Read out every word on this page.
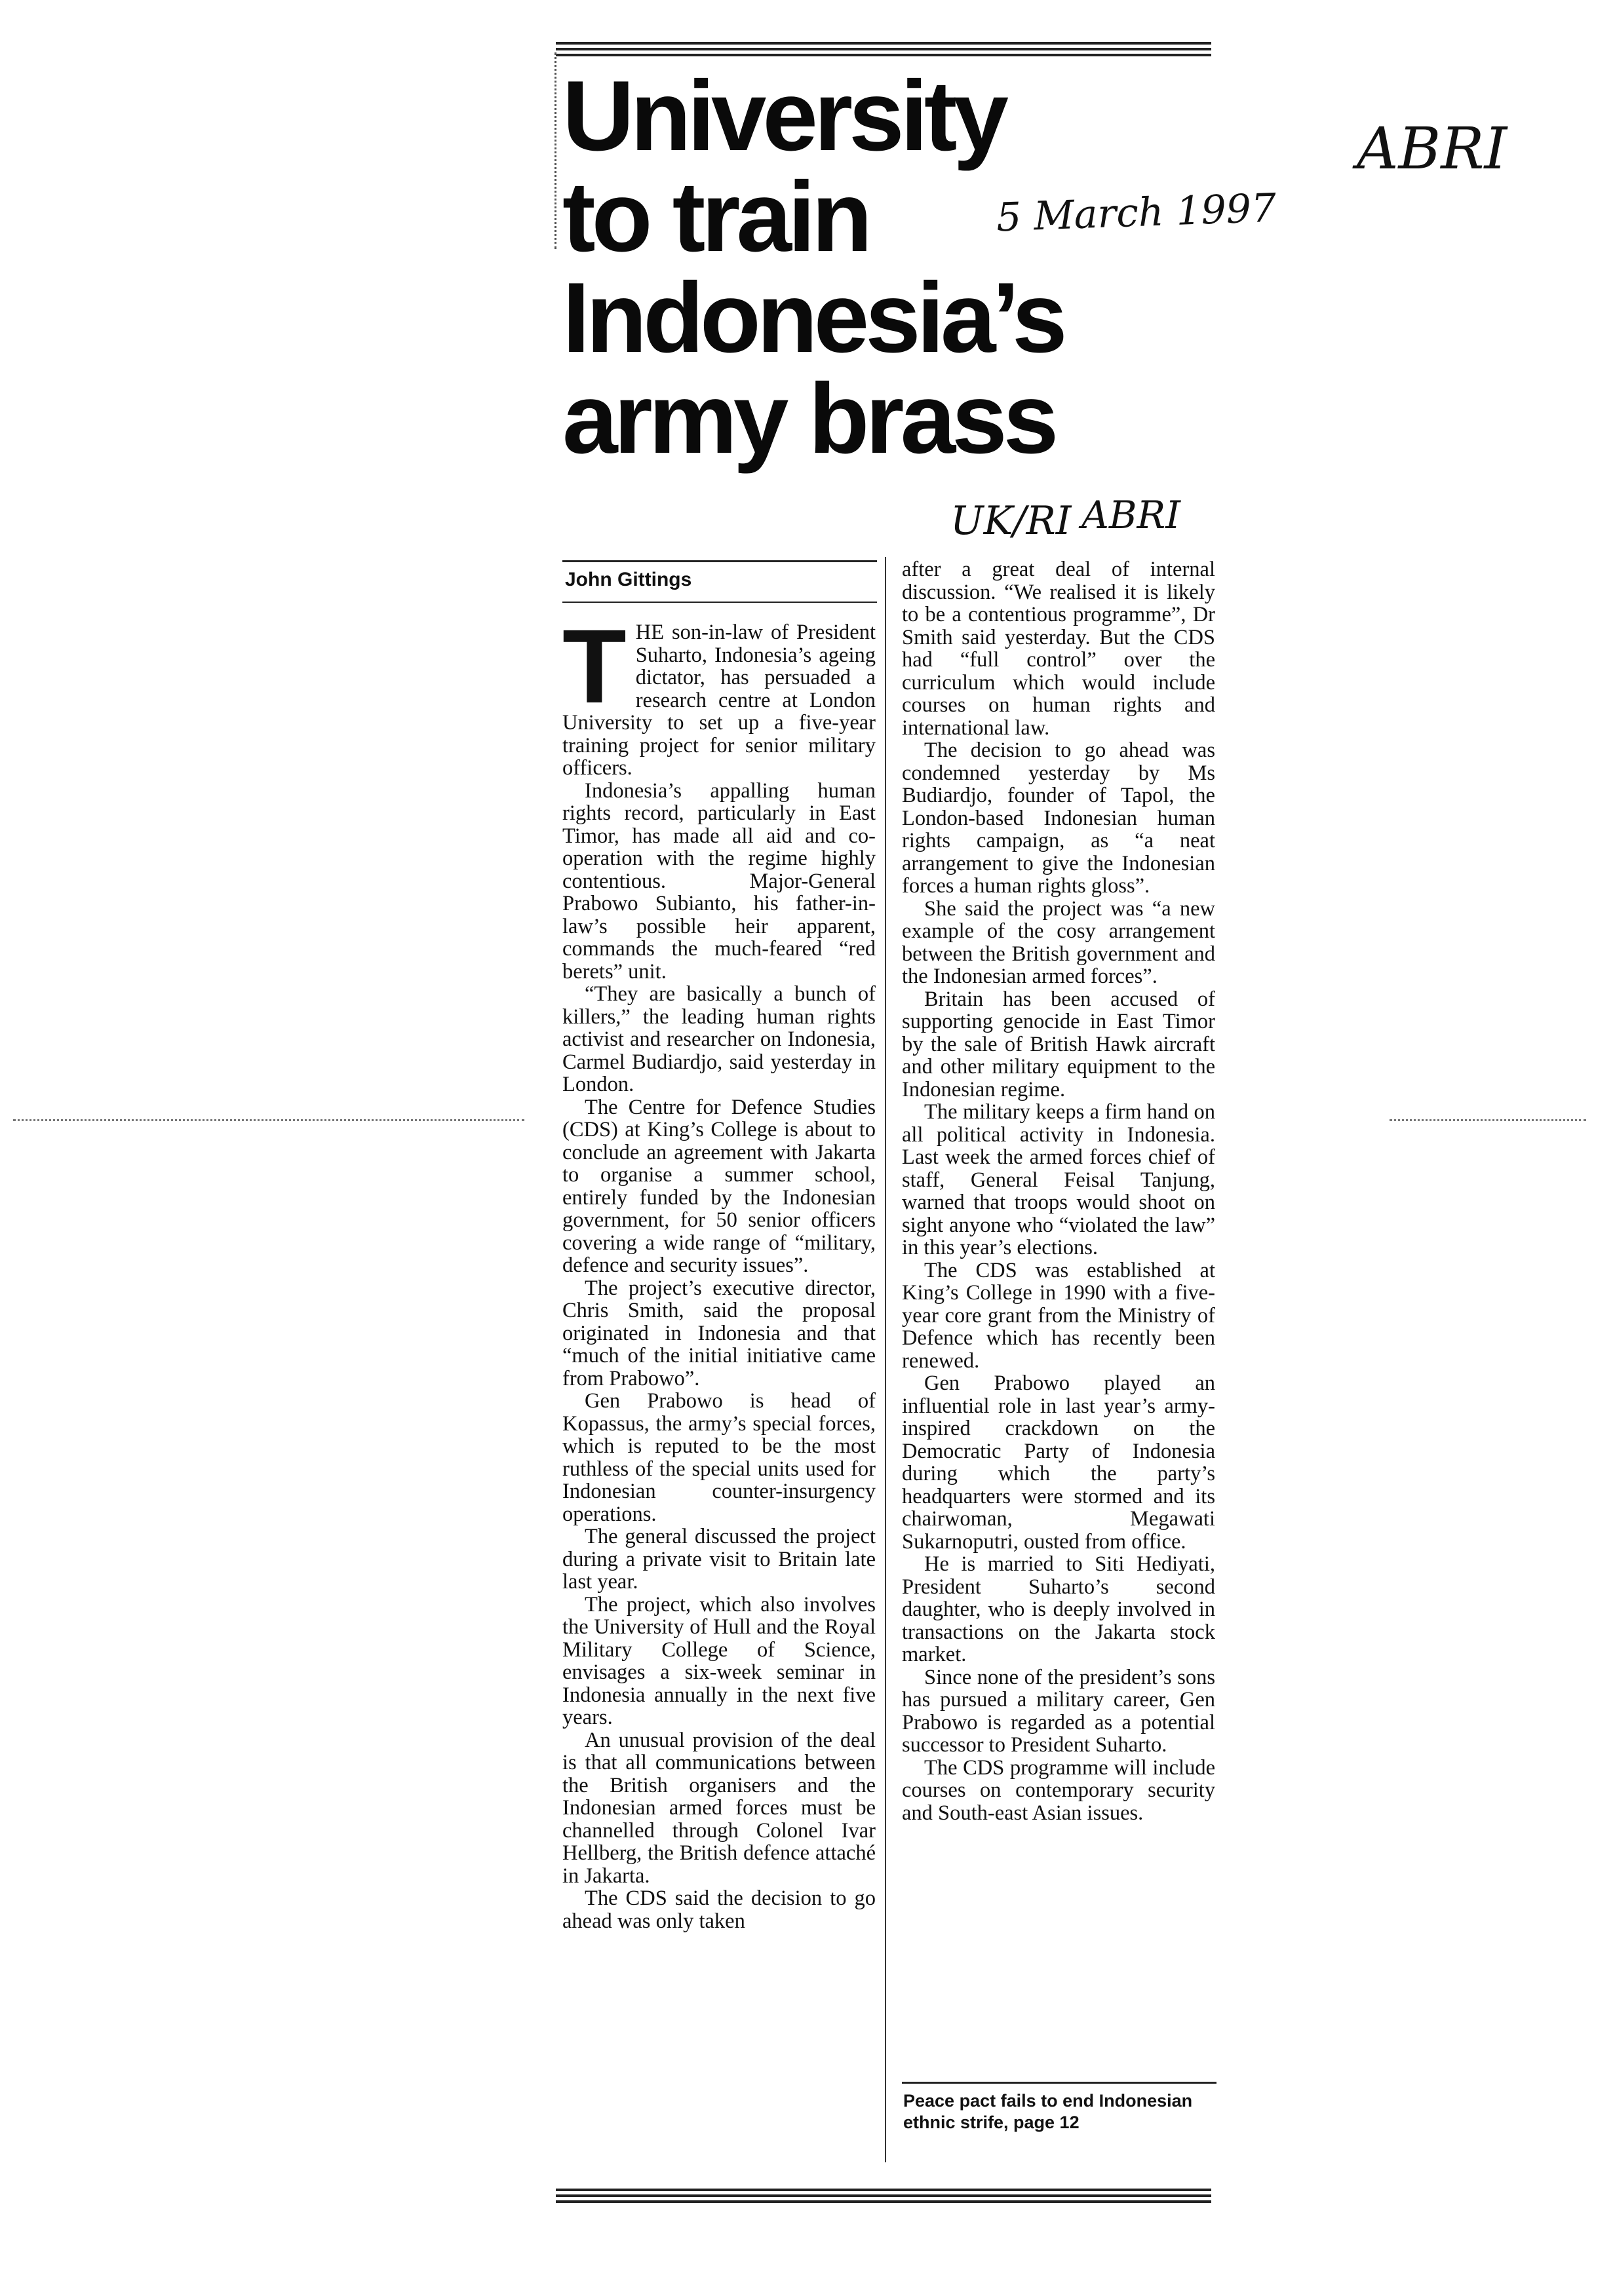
University
to train
Indonesia’s
army brass
5 March 1997
ABRI
UK/RI ABRI
John Gittings

THE son-in-law of President Suharto, Indonesia’s ageing dictator, has persuaded a research centre at London University to set up a five-year training project for senior military officers.

Indonesia’s appalling human rights record, particularly in East Timor, has made all aid and co-operation with the regime highly contentious. Major-General Prabowo Subianto, his father-in-law’s possible heir apparent, commands the much-feared “red berets” unit.

“They are basically a bunch of killers,” the leading human rights activist and researcher on Indonesia, Carmel Budiardjo, said yesterday in London.

The Centre for Defence Studies (CDS) at King’s College is about to conclude an agreement with Jakarta to organise a summer school, entirely funded by the Indonesian government, for 50 senior officers covering a wide range of “military, defence and security issues”.

The project’s executive director, Chris Smith, said the proposal originated in Indonesia and that “much of the initial initiative came from Prabowo”.

Gen Prabowo is head of Kopassus, the army’s special forces, which is reputed to be the most ruthless of the special units used for Indonesian counter-insurgency operations.

The general discussed the project during a private visit to Britain late last year.

The project, which also involves the University of Hull and the Royal Military College of Science, envisages a six-week seminar in Indonesia annually in the next five years.

An unusual provision of the deal is that all communications between the British organisers and the Indonesian armed forces must be channelled through Colonel Ivar Hellberg, the British defence attaché in Jakarta.

The CDS said the decision to go ahead was only taken

after a great deal of internal discussion. “We realised it is likely to be a contentious programme”, Dr Smith said yesterday. But the CDS had “full control” over the curriculum which would include courses on human rights and international law.

The decision to go ahead was condemned yesterday by Ms Budiardjo, founder of Tapol, the London-based Indonesian human rights campaign, as “a neat arrangement to give the Indonesian forces a human rights gloss”.

She said the project was “a new example of the cosy arrangement between the British government and the Indonesian armed forces”.

Britain has been accused of supporting genocide in East Timor by the sale of British Hawk aircraft and other military equipment to the Indonesian regime.

The military keeps a firm hand on all political activity in Indonesia. Last week the armed forces chief of staff, General Feisal Tanjung, warned that troops would shoot on sight anyone who “violated the law” in this year’s elections.

The CDS was established at King’s College in 1990 with a five-year core grant from the Ministry of Defence which has recently been renewed.

Gen Prabowo played an influential role in last year’s army-inspired crackdown on the Democratic Party of Indonesia during which the party’s headquarters were stormed and its chairwoman, Megawati Sukarnoputri, ousted from office.

He is married to Siti Hediyati, President Suharto’s second daughter, who is deeply involved in transactions on the Jakarta stock market.

Since none of the president’s sons has pursued a military career, Gen Prabowo is regarded as a potential successor to President Suharto.

The CDS programme will include courses on contemporary security and South-east Asian issues.

Peace pact fails to end Indonesian ethnic strife, page 12
